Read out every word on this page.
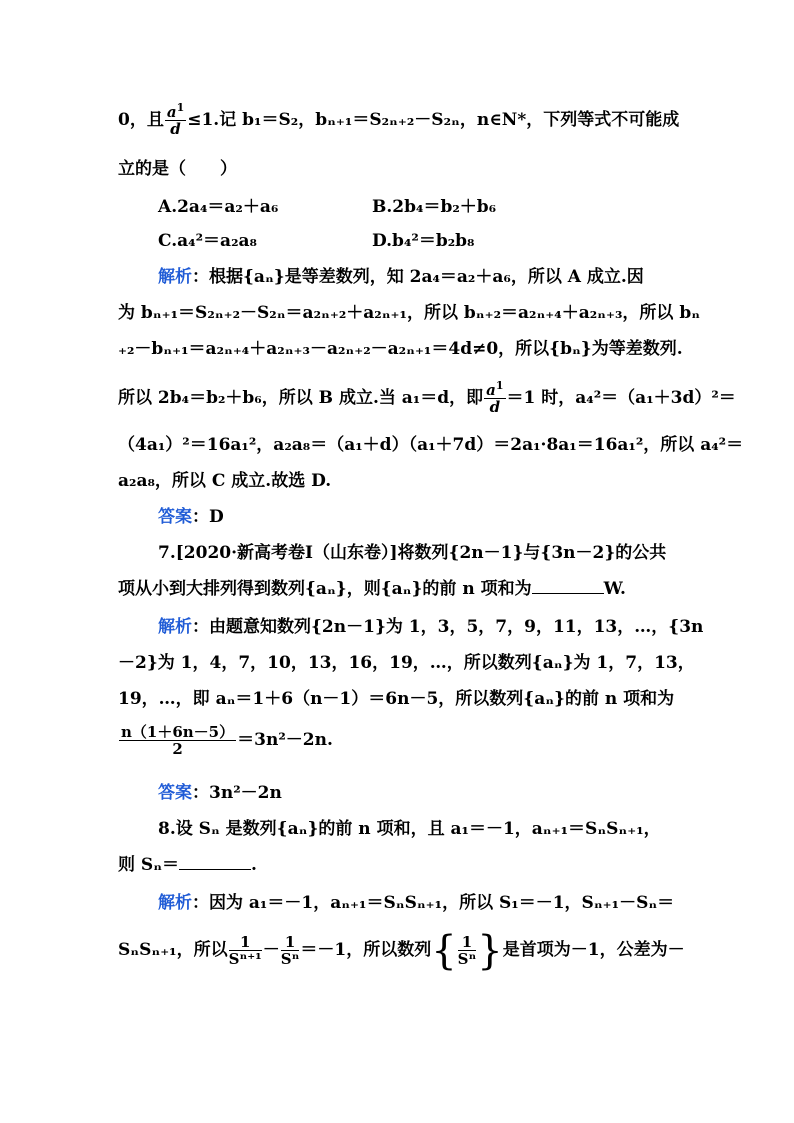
0，且 $\frac{a^1}{d} \le 1$.记 b₁＝S₂，bₙ₊₁＝S₂ₙ₊₂－S₂ₙ，n∈N*，下列等式不可能成
立的是（　　）
A.2a₄＝a₂＋a₆	B.2b₄＝b₂＋b₆
C.a₄²＝a₂a₈	D.b₄²＝b₂b₈
解析：根据{aₙ}是等差数列，知 2a₄＝a₂＋a₆，所以 A 成立.因
为 bₙ₊₁＝S₂ₙ₊₂－S₂ₙ＝a₂ₙ₊₂＋a₂ₙ₊₁，所以 bₙ₊₂＝a₂ₙ₊₄＋a₂ₙ₊₃，所以 bₙ
₊₂－bₙ₊₁＝a₂ₙ₊₄＋a₂ₙ₊₃－a₂ₙ₊₂－a₂ₙ₊₁＝4d≠0，所以{bₙ}为等差数列.
所以 2b₄＝b₂＋b₆，所以 B 成立.当 a₁＝d，即 $\frac{a^1}{d} =1$ 时，a₄²＝（a₁＋3d）²＝
（4a₁）²＝16a₁²，a₂a₈＝（a₁＋d）（a₁＋7d）＝2a₁·8a₁＝16a₁²，所以 a₄²＝
a₂a₈，所以 C 成立.故选 D.
答案：D
7.[2020·新高考卷Ⅰ（山东卷）]将数列{2n－1}与{3n－2}的公共
项从小到大排列得到数列{aₙ}，则{aₙ}的前 n 项和为	W.
解析：由题意知数列{2n－1}为 1，3，5，7，9，11，13，…，{3n
－2}为 1，4，7，10，13，16，19，…，所以数列{aₙ}为 1，7，13，
19，…，即 aₙ＝1＋6（n－1）＝6n－5，所以数列{aₙ}的前 n 项和为
$\frac{n(1+6n-5)}{2} =3n^2-2n$.
答案：3n²－2n
8.设 Sₙ 是数列{aₙ}的前 n 项和，且 a₁＝－1，aₙ₊₁＝SₙSₙ₊₁，
则 Sₙ＝	.
解析：因为 a₁＝－1，aₙ₊₁＝SₙSₙ₊₁，所以 S₁＝－1，Sₙ₊₁－Sₙ＝
SₙSₙ₊₁，所以 $\frac{1}{\text{Sⁿ⁺¹}} - \frac{1}{\text{Sⁿ}} =-1$，所以数列{ $\frac{1}{\text{Sⁿ}}$ }是首项为－1，公差为－
